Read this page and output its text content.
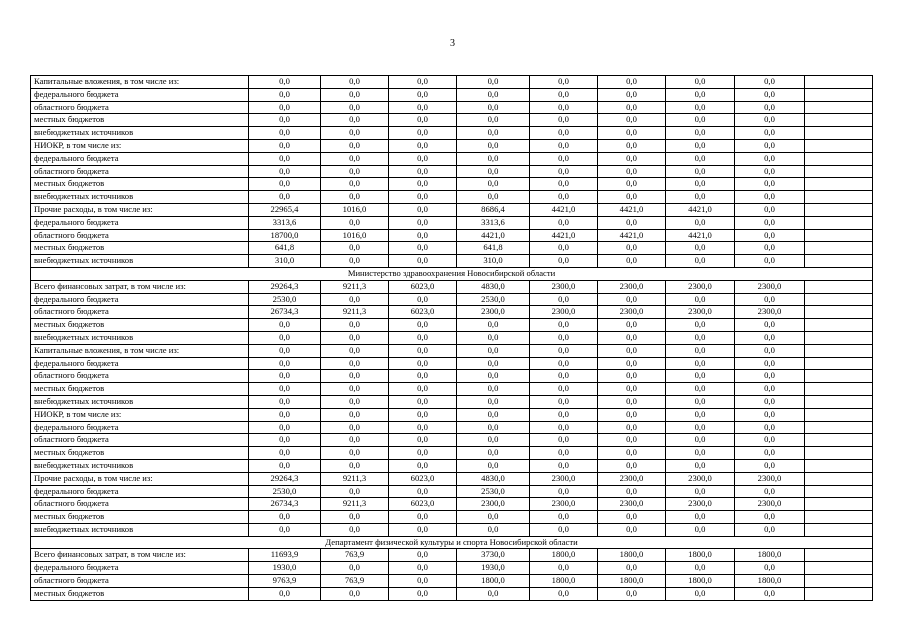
3
Капитальные вложения, в том числе из:	0,0	0,0	0,0	0,0	0,0	0,0	0,0	0,0	
федерального бюджета	0,0	0,0	0,0	0,0	0,0	0,0	0,0	0,0	
областного бюджета	0,0	0,0	0,0	0,0	0,0	0,0	0,0	0,0	
местных бюджетов	0,0	0,0	0,0	0,0	0,0	0,0	0,0	0,0	
внебюджетных источников	0,0	0,0	0,0	0,0	0,0	0,0	0,0	0,0	
НИОКР, в том числе из:	0,0	0,0	0,0	0,0	0,0	0,0	0,0	0,0	
федерального бюджета	0,0	0,0	0,0	0,0	0,0	0,0	0,0	0,0	
областного бюджета	0,0	0,0	0,0	0,0	0,0	0,0	0,0	0,0	
местных бюджетов	0,0	0,0	0,0	0,0	0,0	0,0	0,0	0,0	
внебюджетных источников	0,0	0,0	0,0	0,0	0,0	0,0	0,0	0,0	
Прочие расходы, в том числе из:	22965,4	1016,0	0,0	8686,4	4421,0	4421,0	4421,0	0,0	
федерального бюджета	3313,6	0,0	0,0	3313,6	0,0	0,0	0,0	0,0	
областного бюджета	18700,0	1016,0	0,0	4421,0	4421,0	4421,0	4421,0	0,0	
местных бюджетов	641,8	0,0	0,0	641,8	0,0	0,0	0,0	0,0	
внебюджетных источников	310,0	0,0	0,0	310,0	0,0	0,0	0,0	0,0	
Министерство здравоохранения Новосибирской области									
Всего финансовых затрат, в том числе из:	29264,3	9211,3	6023,0	4830,0	2300,0	2300,0	2300,0	2300,0	
федерального бюджета	2530,0	0,0	0,0	2530,0	0,0	0,0	0,0	0,0	
областного бюджета	26734,3	9211,3	6023,0	2300,0	2300,0	2300,0	2300,0	2300,0	
местных бюджетов	0,0	0,0	0,0	0,0	0,0	0,0	0,0	0,0	
внебюджетных источников	0,0	0,0	0,0	0,0	0,0	0,0	0,0	0,0	
Капитальные вложения, в том числе из:	0,0	0,0	0,0	0,0	0,0	0,0	0,0	0,0	
федерального бюджета	0,0	0,0	0,0	0,0	0,0	0,0	0,0	0,0	
областного бюджета	0,0	0,0	0,0	0,0	0,0	0,0	0,0	0,0	
местных бюджетов	0,0	0,0	0,0	0,0	0,0	0,0	0,0	0,0	
внебюджетных источников	0,0	0,0	0,0	0,0	0,0	0,0	0,0	0,0	
НИОКР, в том числе из:	0,0	0,0	0,0	0,0	0,0	0,0	0,0	0,0	
федерального бюджета	0,0	0,0	0,0	0,0	0,0	0,0	0,0	0,0	
областного бюджета	0,0	0,0	0,0	0,0	0,0	0,0	0,0	0,0	
местных бюджетов	0,0	0,0	0,0	0,0	0,0	0,0	0,0	0,0	
внебюджетных источников	0,0	0,0	0,0	0,0	0,0	0,0	0,0	0,0	
Прочие расходы, в том числе из:	29264,3	9211,3	6023,0	4830,0	2300,0	2300,0	2300,0	2300,0	
федерального бюджета	2530,0	0,0	0,0	2530,0	0,0	0,0	0,0	0,0	
областного бюджета	26734,3	9211,3	6023,0	2300,0	2300,0	2300,0	2300,0	2300,0	
местных бюджетов	0,0	0,0	0,0	0,0	0,0	0,0	0,0	0,0	
внебюджетных источников	0,0	0,0	0,0	0,0	0,0	0,0	0,0	0,0	
Департамент физической культуры и спорта Новосибирской области									
Всего финансовых затрат, в том числе из:	11693,9	763,9	0,0	3730,0	1800,0	1800,0	1800,0	1800,0	
федерального бюджета	1930,0	0,0	0,0	1930,0	0,0	0,0	0,0	0,0	
областного бюджета	9763,9	763,9	0,0	1800,0	1800,0	1800,0	1800,0	1800,0	
местных бюджетов	0,0	0,0	0,0	0,0	0,0	0,0	0,0	0,0	
